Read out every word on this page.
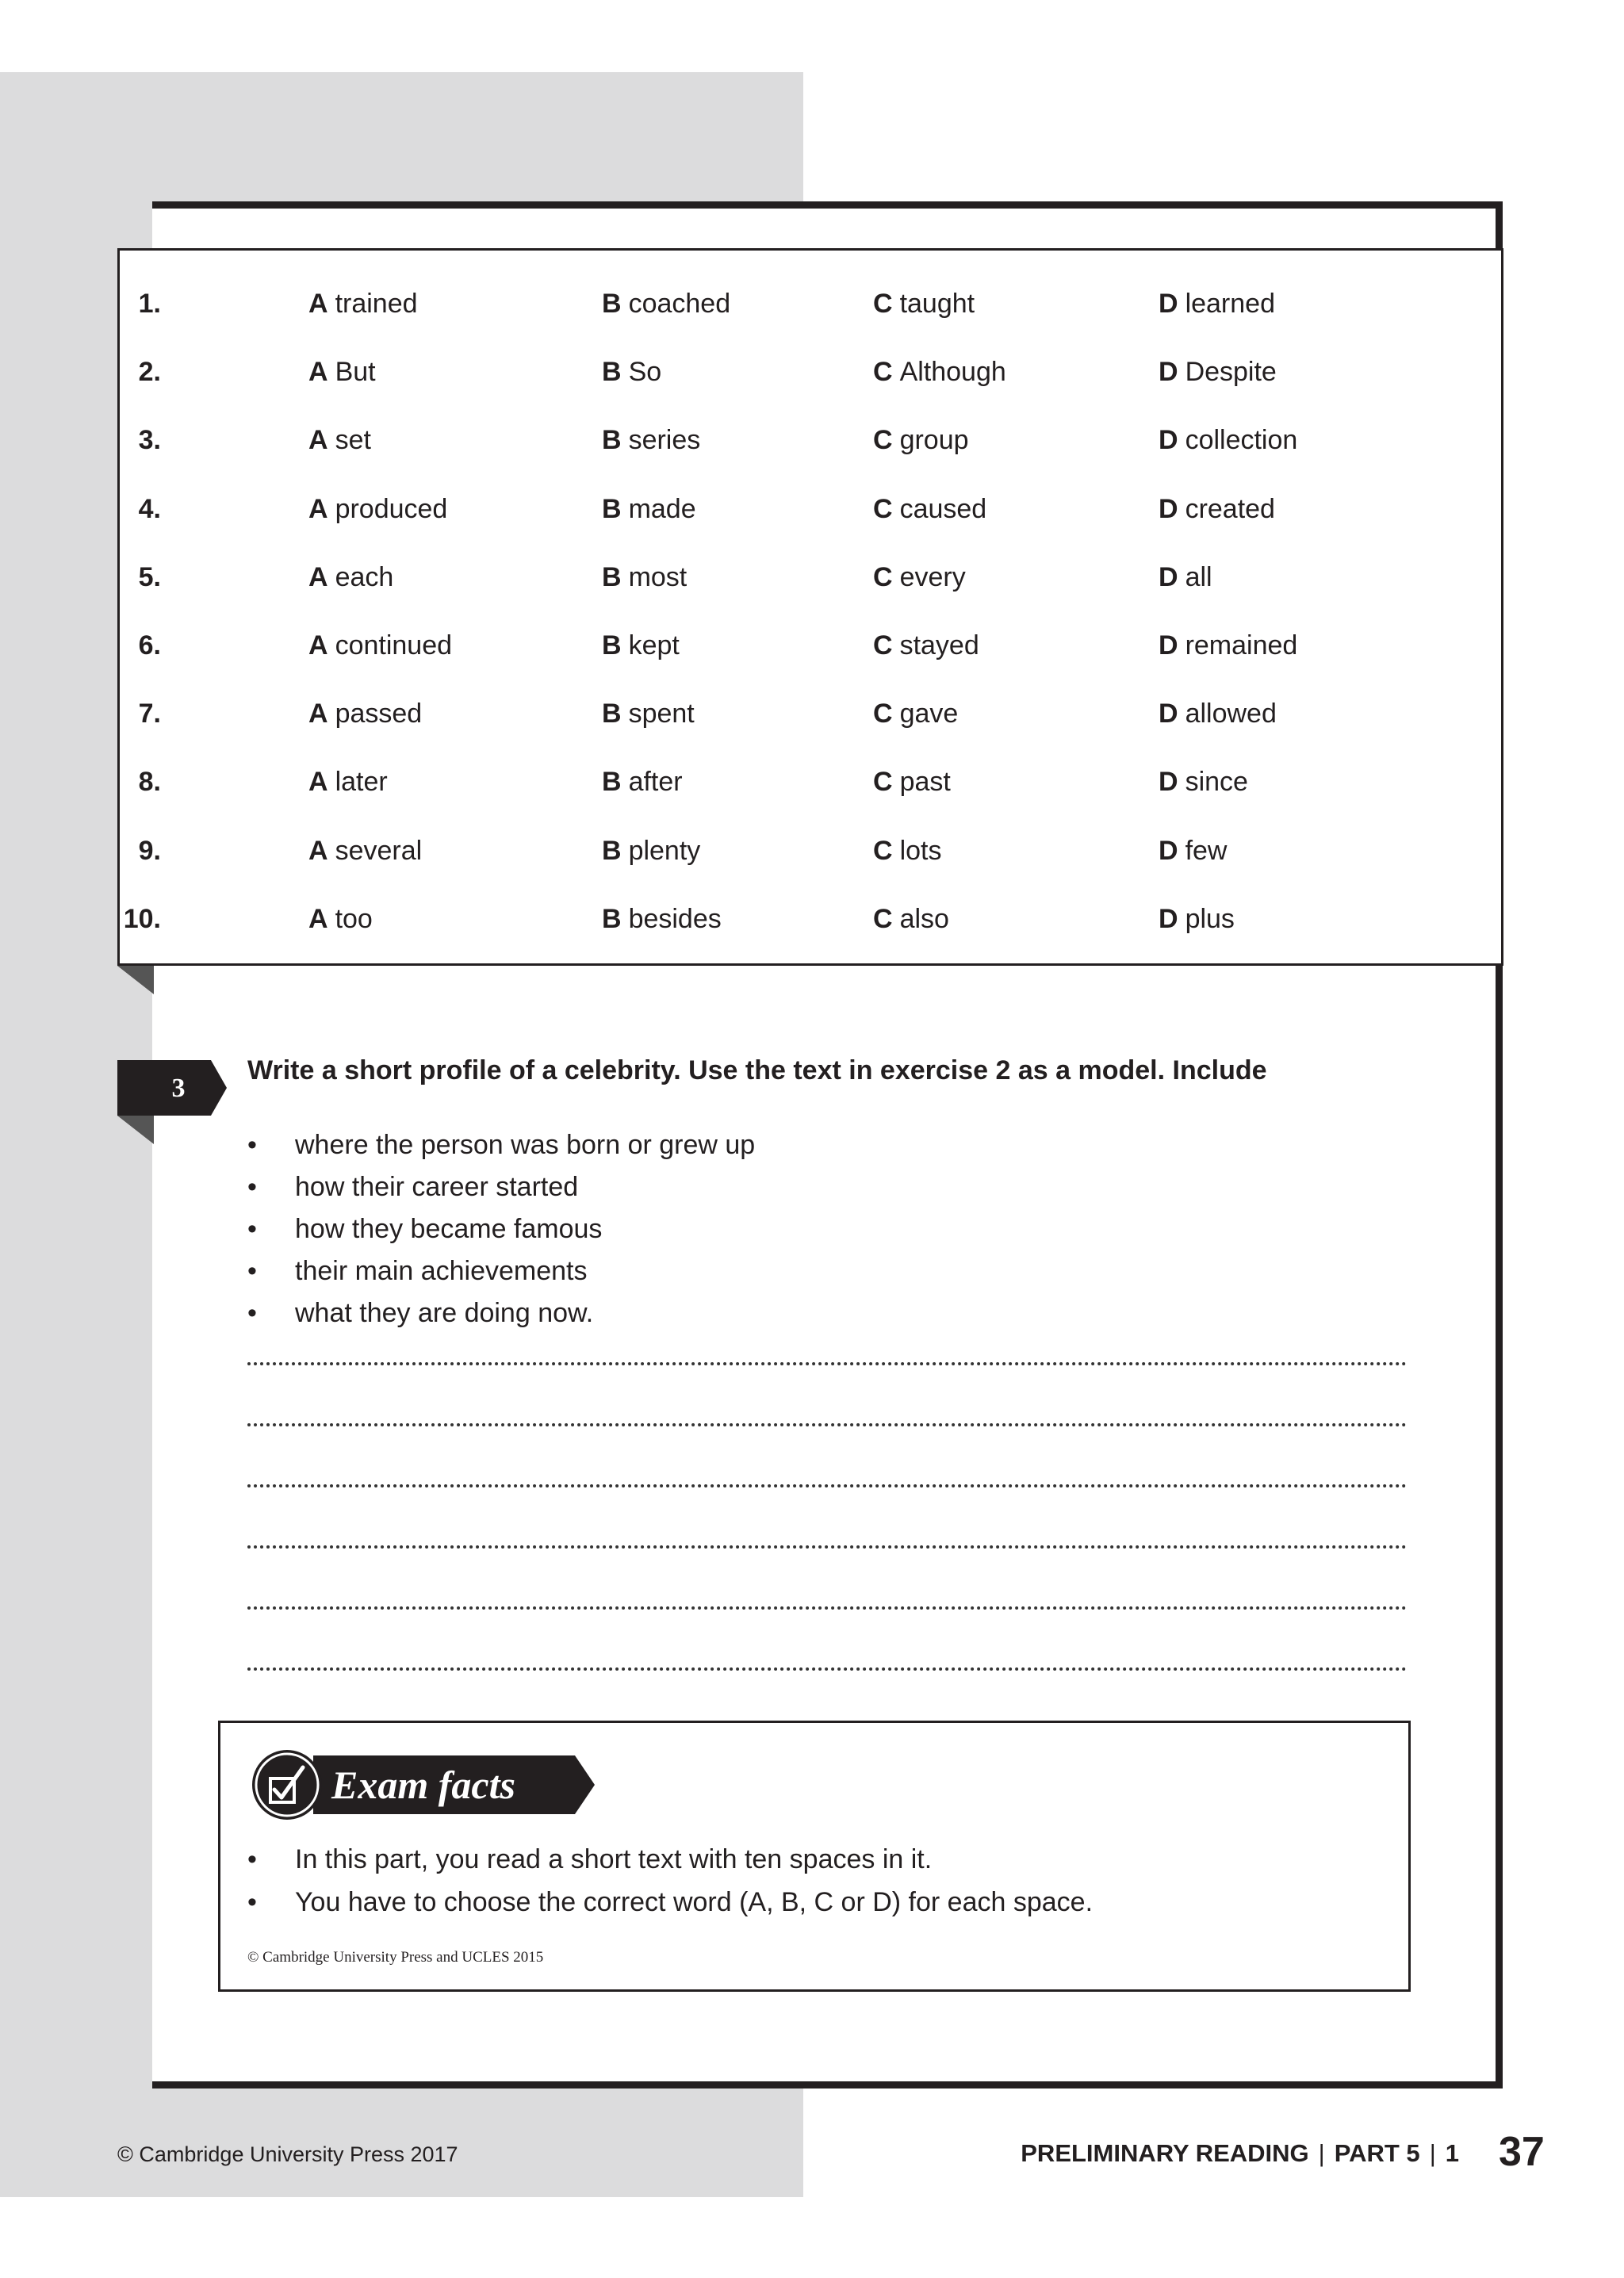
1.	A trained	B coached	C taught	D learned
2.	A But	B So	C Although	D Despite
3.	A set	B series	C group	D collection
4.	A produced	B made	C caused	D created
5.	A each	B most	C every	D all
6.	A continued	B kept	C stayed	D remained
7.	A passed	B spent	C gave	D allowed
8.	A later	B after	C past	D since
9.	A several	B plenty	C lots	D few
10.	A too	B besides	C also	D plus
3
Write a short profile of a celebrity. Use the text in exercise 2 as a model. Include
• where the person was born or grew up
• how their career started
• how they became famous
• their main achievements
• what they are doing now.
Exam facts
• In this part, you read a short text with ten spaces in it.
• You have to choose the correct word (A, B, C or D) for each space.
© Cambridge University Press and UCLES 2015
© Cambridge University Press 2017	PRELIMINARY READING | PART 5 | 1 37
